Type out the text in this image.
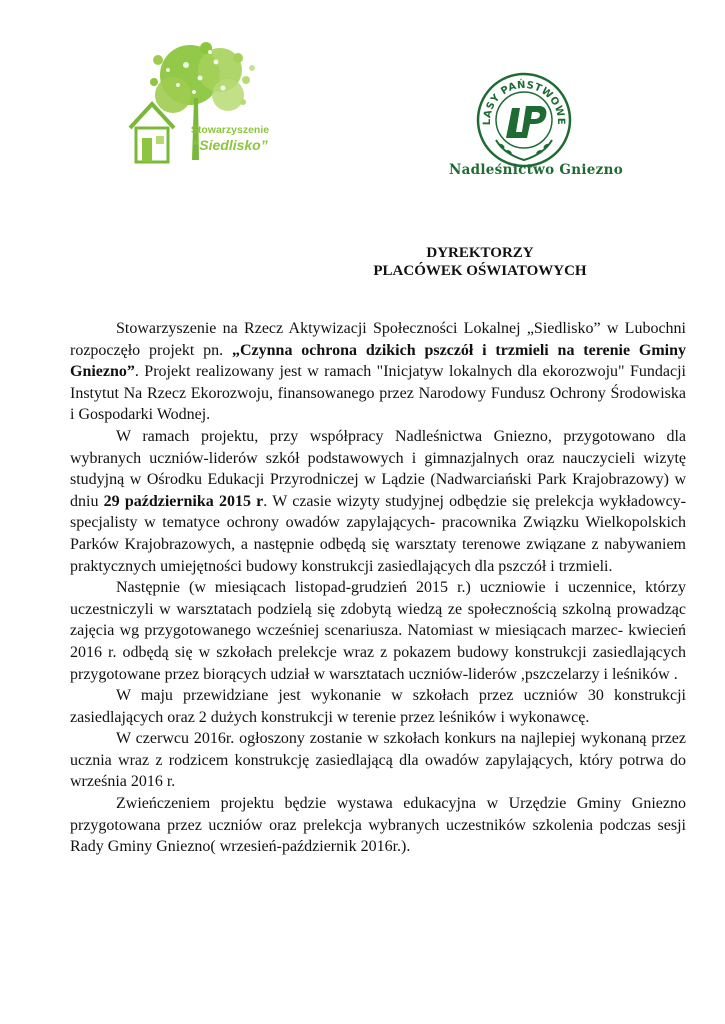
Stowarzyszenie
“Siedlisko”
LASY PAŃSTWOWE
Nadleśnictwo Gniezno
DYREKTORZY
PLACÓWEK OŚWIATOWYCH

Stowarzyszenie na Rzecz Aktywizacji Społeczności Lokalnej „Siedlisko” w Lubochni rozpoczęło projekt pn. „Czynna ochrona dzikich pszczół i trzmieli na terenie Gminy Gniezno”. Projekt realizowany jest w ramach "Inicjatyw lokalnych dla ekorozwoju" Fundacji Instytut Na Rzecz Ekorozwoju, finansowanego przez Narodowy Fundusz Ochrony Środowiska i Gospodarki Wodnej.

W ramach projektu, przy współpracy Nadleśnictwa Gniezno, przygotowano dla wybranych uczniów-liderów szkół podstawowych i gimnazjalnych oraz nauczycieli wizytę studyjną w Ośrodku Edukacji Przyrodniczej w Lądzie (Nadwarciański Park Krajobrazowy) w dniu 29 października 2015 r. W czasie wizyty studyjnej odbędzie się prelekcja wykładowcy-specjalisty w tematyce ochrony owadów zapylających- pracownika Związku Wielkopolskich Parków Krajobrazowych, a następnie odbędą się warsztaty terenowe związane z nabywaniem praktycznych umiejętności budowy konstrukcji zasiedlających dla pszczół i trzmieli.

Następnie (w miesiącach listopad-grudzień 2015 r.) uczniowie i uczennice, którzy uczestniczyli w warsztatach podzielą się zdobytą wiedzą ze społecznością szkolną prowadząc zajęcia wg przygotowanego wcześniej scenariusza. Natomiast w miesiącach marzec- kwiecień 2016 r. odbędą się w szkołach prelekcje wraz z pokazem budowy konstrukcji zasiedlających przygotowane przez biorących udział w warsztatach uczniów-liderów ,pszczelarzy i leśników .

W maju przewidziane jest wykonanie w szkołach przez uczniów 30 konstrukcji zasiedlających oraz 2 dużych konstrukcji w terenie przez leśników i wykonawcę.

W czerwcu 2016r. ogłoszony zostanie w szkołach konkurs na najlepiej wykonaną przez ucznia wraz z rodzicem konstrukcję zasiedlającą dla owadów zapylających, który potrwa do września 2016 r.

Zwieńczeniem projektu będzie wystawa edukacyjna w Urzędzie Gminy Gniezno przygotowana przez uczniów oraz prelekcja wybranych uczestników szkolenia podczas sesji Rady Gminy Gniezno( wrzesień-październik 2016r.).
